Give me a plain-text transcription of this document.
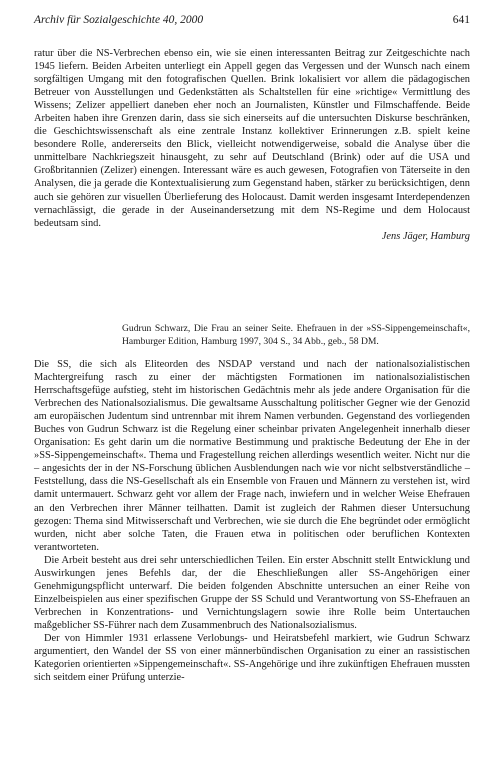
Archiv für Sozialgeschichte 40, 2000	641

ratur über die NS-Verbrechen ebenso ein, wie sie einen interessanten Beitrag zur Zeitgeschichte nach 1945 liefern. Beiden Arbeiten unterliegt ein Appell gegen das Vergessen und der Wunsch nach einem sorgfältigen Umgang mit den fotografischen Quellen. Brink lokalisiert vor allem die pädagogischen Betreuer von Ausstellungen und Gedenkstätten als Schaltstellen für eine »richtige« Vermittlung des Wissens; Zelizer appelliert daneben eher noch an Journalisten, Künstler und Filmschaffende. Beide Arbeiten haben ihre Grenzen darin, dass sie sich einerseits auf die untersuchten Diskurse beschränken, die Geschichtswissenschaft als eine zentrale Instanz kollektiver Erinnerungen z.B. spielt keine besondere Rolle, andererseits den Blick, vielleicht notwendigerweise, sobald die Analyse über die unmittelbare Nachkriegszeit hinausgeht, zu sehr auf Deutschland (Brink) oder auf die USA und Großbritannien (Zelizer) einengen. Interessant wäre es auch gewesen, Fotografien von Täterseite in den Analysen, die ja gerade die Kontextualisierung zum Gegenstand haben, stärker zu berücksichtigen, denn auch sie gehören zur visuellen Überlieferung des Holocaust. Damit werden insgesamt Interdependenzen vernachlässigt, die gerade in der Auseinandersetzung mit dem NS-Regime und dem Holocaust bedeutsam sind.

Jens Jäger, Hamburg
Gudrun Schwarz, Die Frau an seiner Seite. Ehefrauen in der »SS-Sippengemeinschaft«, Hamburger Edition, Hamburg 1997, 304 S., 34 Abb., geb., 58 DM.

Die SS, die sich als Eliteorden des NSDAP verstand und nach der nationalsozialistischen Machtergreifung rasch zu einer der mächtigsten Formationen im nationalsozialistischen Herrschaftsgefüge aufstieg, steht im historischen Gedächtnis mehr als jede andere Organisation für die Verbrechen des Nationalsozialismus. Die gewaltsame Ausschaltung politischer Gegner wie der Genozid am europäischen Judentum sind untrennbar mit ihrem Namen verbunden. Gegenstand des vorliegenden Buches von Gudrun Schwarz ist die Regelung einer scheinbar privaten Angelegenheit innerhalb dieser Organisation: Es geht darin um die normative Bestimmung und praktische Bedeutung der Ehe in der »SS-Sippengemeinschaft«. Thema und Fragestellung reichen allerdings wesentlich weiter. Nicht nur die – angesichts der in der NS-Forschung üblichen Ausblendungen nach wie vor nicht selbstverständliche – Feststellung, dass die NS-Gesellschaft als ein Ensemble von Frauen und Männern zu verstehen ist, wird damit untermauert. Schwarz geht vor allem der Frage nach, inwiefern und in welcher Weise Ehefrauen an den Verbrechen ihrer Männer teilhatten. Damit ist zugleich der Rahmen dieser Untersuchung gezogen: Thema sind Mitwisserschaft und Verbrechen, wie sie durch die Ehe begründet oder ermöglicht wurden, nicht aber solche Taten, die Frauen etwa in politischen oder beruflichen Kontexten verantworteten.

Die Arbeit besteht aus drei sehr unterschiedlichen Teilen. Ein erster Abschnitt stellt Entwicklung und Auswirkungen jenes Befehls dar, der die Eheschließungen aller SS-Angehörigen einer Genehmigungspflicht unterwarf. Die beiden folgenden Abschnitte untersuchen an einer Reihe von Einzelbeispielen aus einer spezifischen Gruppe der SS Schuld und Verantwortung von SS-Ehefrauen an Verbrechen in Konzentrations- und Vernichtungslagern sowie ihre Rolle beim Untertauchen maßgeblicher SS-Führer nach dem Zusammenbruch des Nationalsozialismus.

Der von Himmler 1931 erlassene Verlobungs- und Heiratsbefehl markiert, wie Gudrun Schwarz argumentiert, den Wandel der SS von einer männerbündischen Organisation zu einer an rassistischen Kategorien orientierten »Sippengemeinschaft«. SS-Angehörige und ihre zukünftigen Ehefrauen mussten sich seitdem einer Prüfung unterzie-
